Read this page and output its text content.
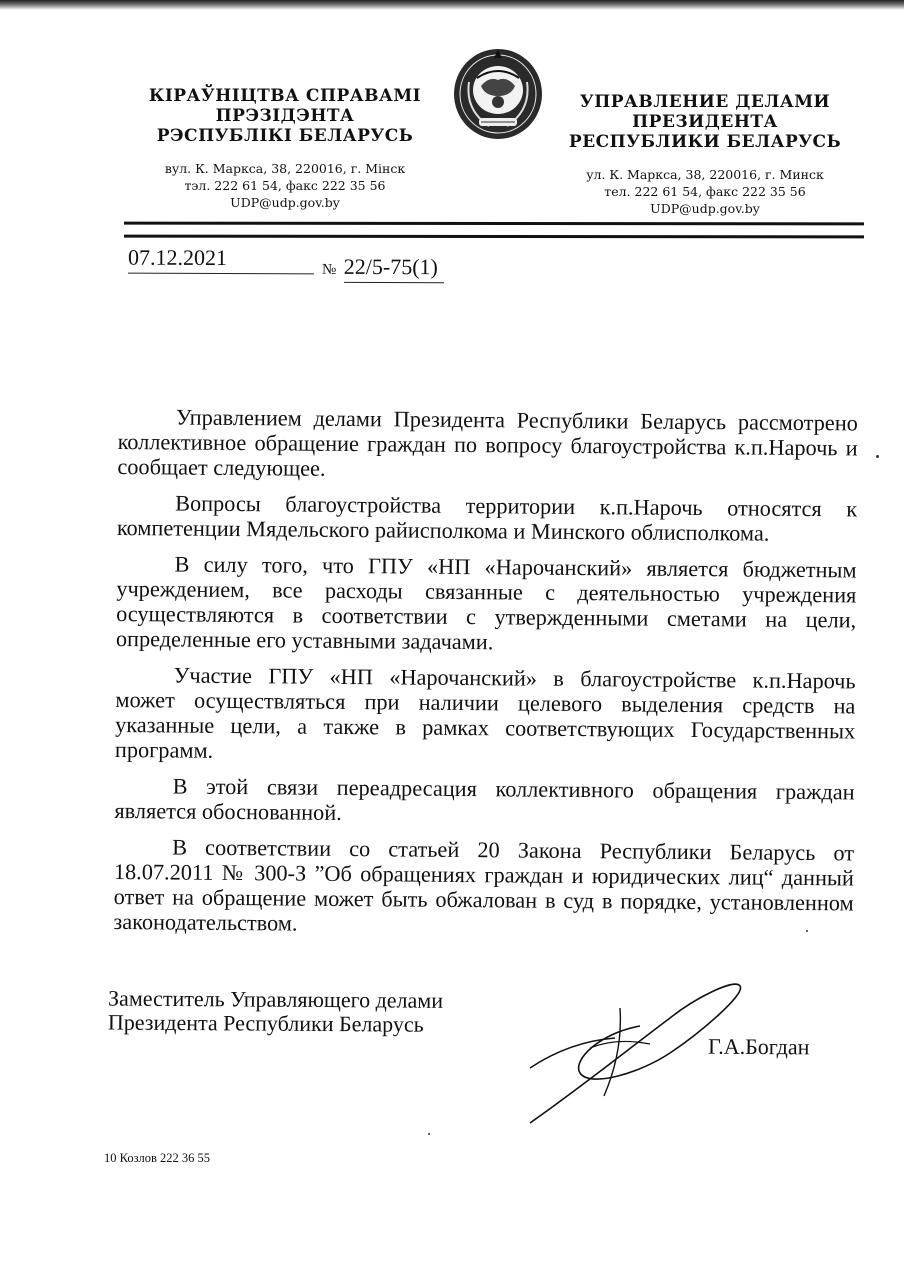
КІРАЎНІЦТВА СПРАВАМІ
ПРЭЗІДЭНТА
РЭСПУБЛІКІ БЕЛАРУСЬ
вул. К. Маркса, 38, 220016, г. Мінск
тэл. 222 61 54, факс 222 35 56
UDP@udp.gov.by
УПРАВЛЕНИЕ ДЕЛАМИ
ПРЕЗИДЕНТА
РЕСПУБЛИКИ БЕЛАРУСЬ
ул. К. Маркса, 38, 220016, г. Минск
тел. 222 61 54, факс 222 35 56
UDP@udp.gov.by
07.12.2021	№ 22/5-75(1)

Управлением делами Президента Республики Беларусь рассмотрено коллективное обращение граждан по вопросу благоустройства к.п.Нарочь и сообщает следующее.

Вопросы благоустройства территории к.п.Нарочь относятся к компетенции Мядельского райисполкома и Минского облисполкома.

В силу того, что ГПУ «НП «Нарочанский» является бюджетным учреждением, все расходы связанные с деятельностью учреждения осуществляются в соответствии с утвержденными сметами на цели, определенные его уставными задачами.

Участие ГПУ «НП «Нарочанский» в благоустройстве к.п.Нарочь может осуществляться при наличии целевого выделения средств на указанные цели, а также в рамках соответствующих Государственных программ.

В этой связи переадресация коллективного обращения граждан является обоснованной.

В соответствии со статьей 20 Закона Республики Беларусь от 18.07.2011 № 300-З ”Об обращениях граждан и юридических лиц“ данный ответ на обращение может быть обжалован в суд в порядке, установленном законодательством.

Заместитель Управляющего делами
Президента Республики Беларусь
Г.А.Богдан
10 Козлов 222 36 55
